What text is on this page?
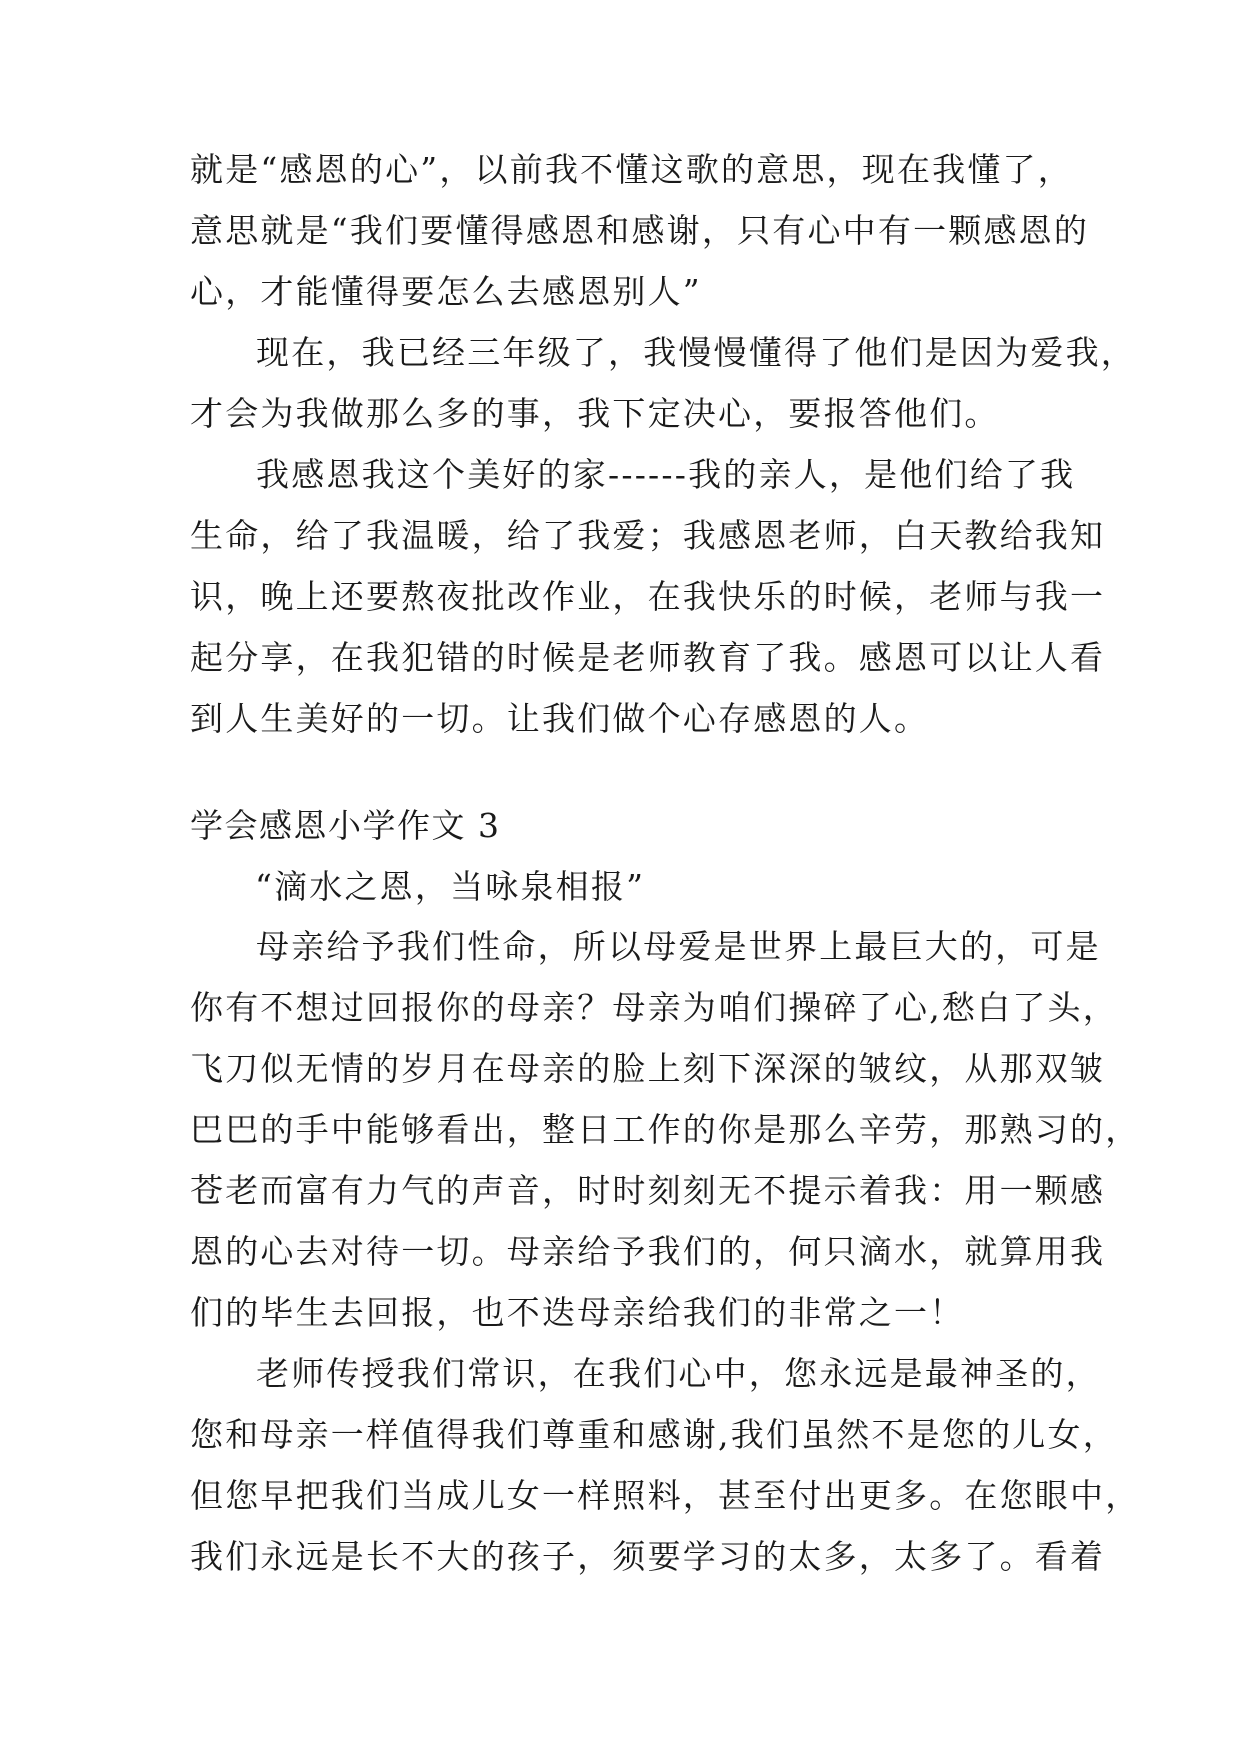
就是“感恩的心”，以前我不懂这歌的意思，现在我懂了，
意思就是“我们要懂得感恩和感谢，只有心中有一颗感恩的
心，才能懂得要怎么去感恩别人”
现在，我已经三年级了，我慢慢懂得了他们是因为爱我，
才会为我做那么多的事，我下定决心，要报答他们。
我感恩我这个美好的家------我的亲人，是他们给了我
生命，给了我温暖，给了我爱；我感恩老师，白天教给我知
识，晚上还要熬夜批改作业，在我快乐的时候，老师与我一
起分享，在我犯错的时候是老师教育了我。感恩可以让人看
到人生美好的一切。让我们做个心存感恩的人。
学会感恩小学作文 3
“滴水之恩，当咏泉相报”
母亲给予我们性命，所以母爱是世界上最巨大的，可是
你有不想过回报你的母亲？母亲为咱们操碎了心,愁白了头，
飞刀似无情的岁月在母亲的脸上刻下深深的皱纹，从那双皱
巴巴的手中能够看出，整日工作的你是那么辛劳，那熟习的，
苍老而富有力气的声音，时时刻刻无不提示着我：用一颗感
恩的心去对待一切。母亲给予我们的，何只滴水，就算用我
们的毕生去回报，也不迭母亲给我们的非常之一！
老师传授我们常识，在我们心中，您永远是最神圣的，
您和母亲一样值得我们尊重和感谢,我们虽然不是您的儿女，
但您早把我们当成儿女一样照料，甚至付出更多。在您眼中，
我们永远是长不大的孩子，须要学习的太多，太多了。看着
